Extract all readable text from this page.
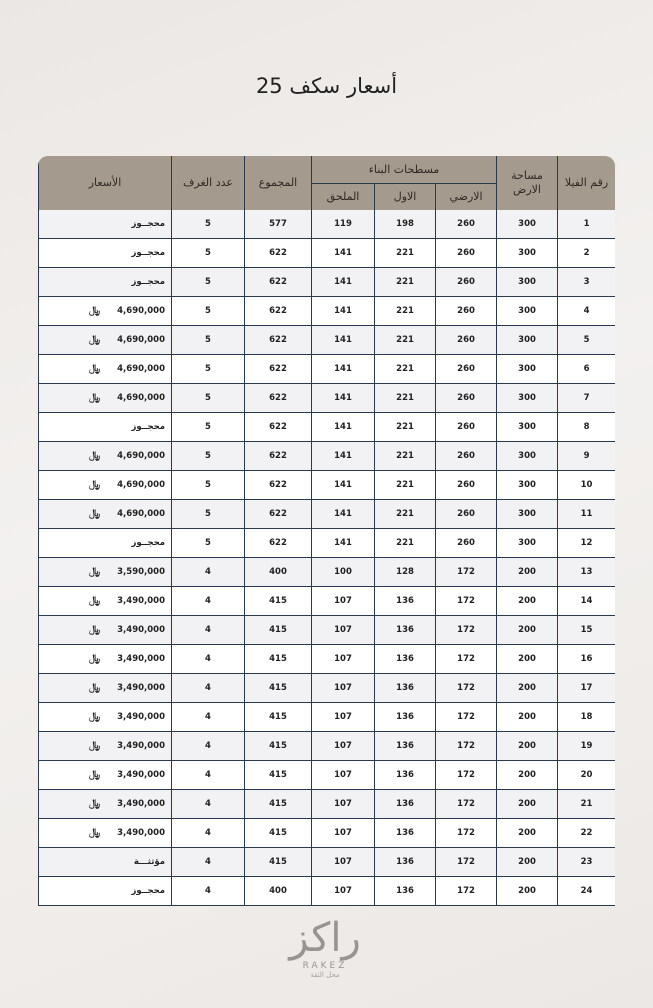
أسعار سكف 25
رقم الفيلا	مساحة الارض	مسطحات البناء			المجموع	عدد الغرف	الأسعار
		الارضي	الاول	الملحق			
1	300	260	198	119	577	5	محجــوز
2	300	260	221	141	622	5	محجــوز
3	300	260	221	141	622	5	محجــوز
4	300	260	221	141	622	5	4,690,000
﷼

5	300	260	221	141	622	5	4,690,000
﷼

6	300	260	221	141	622	5	4,690,000
﷼

7	300	260	221	141	622	5	4,690,000
﷼

8	300	260	221	141	622	5	محجــوز
9	300	260	221	141	622	5	4,690,000
﷼

10	300	260	221	141	622	5	4,690,000
﷼

11	300	260	221	141	622	5	4,690,000
﷼

12	300	260	221	141	622	5	محجــوز
13	200	172	128	100	400	4	3,590,000
﷼

14	200	172	136	107	415	4	3,490,000
﷼

15	200	172	136	107	415	4	3,490,000
﷼

16	200	172	136	107	415	4	3,490,000
﷼

17	200	172	136	107	415	4	3,490,000
﷼

18	200	172	136	107	415	4	3,490,000
﷼

19	200	172	136	107	415	4	3,490,000
﷼

20	200	172	136	107	415	4	3,490,000
﷼

21	200	172	136	107	415	4	3,490,000
﷼

22	200	172	136	107	415	4	3,490,000
﷼

23	200	172	136	107	415	4	مؤثثـــة
24	200	172	136	107	400	4	محجــوز
راكز
RAKEZ
محل الثقة
